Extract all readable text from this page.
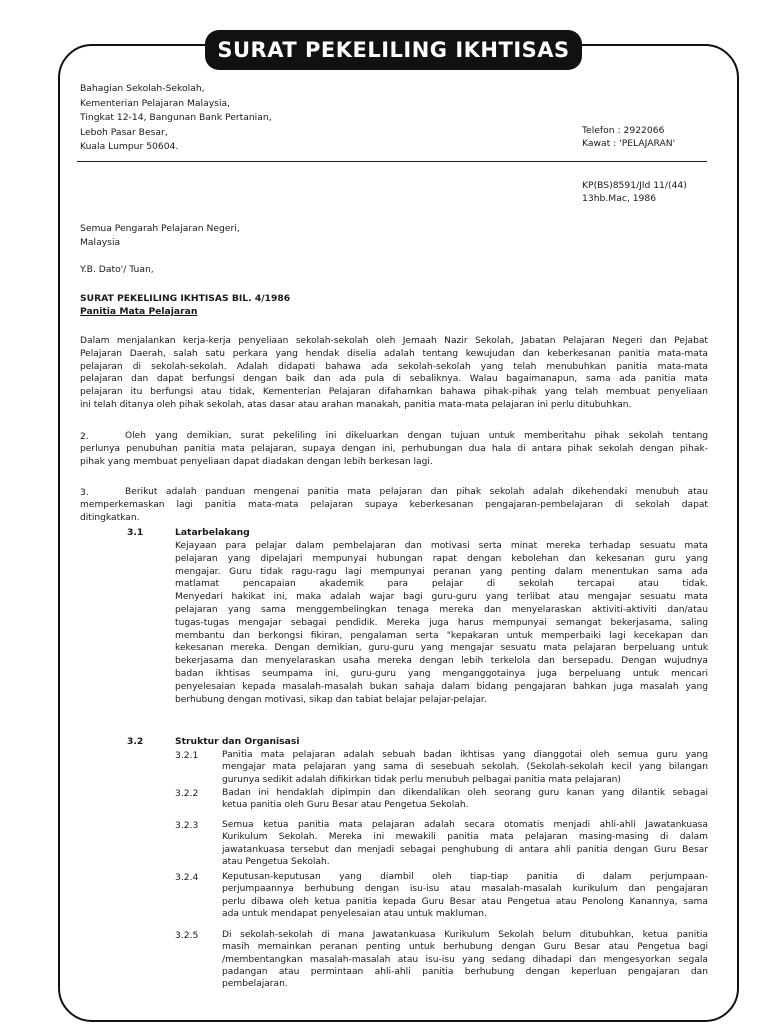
SURAT PEKELILING IKHTISAS
Telefon : 2922066
Kawat : 'PELAJARAN'
KP(BS)8591/Jld 11/(44)
13hb.Mac, 1986
Y.B. Dato'/ Tuan,
SURAT PEKELILING IKHTISAS BIL. 4/1986
Panitia Mata Pelajaran
Dalam menjalankan kerja-kerja penyeliaan sekolah-sekolah oleh Jemaah Nazir Sekolah, Jabatan Pelajaran Negeri dan Pejabat
Pelajaran Daerah, salah satu perkara yang hendak diselia adalah tentang kewujudan dan keberkesanan panitia mata-mata
pelajaran di sekolah-sekolah. Adalah didapati bahawa ada sekolah-sekolah yang telah menubuhkan panitia mata-mata
pelajaran dan dapat berfungsi dengan baik dan ada pula di sebaliknya. Walau bagaimanapun, sama ada panitia mata
pelajaran itu berfungsi atau tidak, Kementerian Pelajaran difahamkan bahawa pihak-pihak yang telah membuat penyeliaan
ini telah ditanya oleh pihak sekolah, atas dasar atau arahan manakah, panitia mata-mata pelajaran ini perlu ditubuhkan.
2.	Oleh yang demikian, surat pekeliling ini dikeluarkan dengan tujuan untuk memberitahu pihak sekolah tentang
perlunya penubuhan panitia mata pelajaran, supaya dengan ini, perhubungan dua hala di antara pihak sekolah dengan pihak-
pihak yang membuat penyeliaan dapat diadakan dengan lebih berkesan lagi.
3.	Berikut adalah panduan mengenai panitia mata pelajaran dan pihak sekolah adalah dikehendaki menubuh atau
memperkemaskan lagi panitia mata-mata pelajaran supaya keberkesanan pengajaran-pembelajaran di sekolah dapat
ditingkatkan.
3.1	Latarbelakang
Kejayaan para pelajar dalam pembelajaran dan motivasi serta minat mereka terhadap sesuatu mata
pelajaran yang dipelajari mempunyai hubungan rapat dengan kebolehan dan kekesanan guru yang
mengajar. Guru tidak ragu-ragu lagi mempunyai peranan yang penting dalam menentukan sama ada
matlamat pencapaian akademik para pelajar di sekolah tercapai atau tidak.
Menyedari hakikat ini, maka adalah wajar bagi guru-guru yang terlibat atau mengajar sesuatu mata
pelajaran yang sama menggembelingkan tenaga mereka dan menyelaraskan aktiviti-aktiviti dan/atau
tugas-tugas mengajar sebagai pendidik. Mereka juga harus mempunyai semangat bekerjasama, saling
membantu dan berkongsi fikiran, pengalaman serta "kepakaran untuk memperbaiki lagi kecekapan dan
kekesanan mereka. Dengan demikian, guru-guru yang mengajar sesuatu mata pelajaran berpeluang untuk
bekerjasama dan menyelaraskan usaha mereka dengan lebih terkelola dan bersepadu. Dengan wujudnya
badan ikhtisas seumpama ini, guru-guru yang menganggotainya juga berpeluang untuk mencari
penyelesaian kepada masalah-masalah bukan sahaja dalam bidang pengajaran bahkan juga masalah yang
berhubung dengan motivasi, sikap dan tabiat belajar pelajar-pelajar.
3.2	Struktur dan Organisasi
Bahagian Sekolah-Sekolah,
Kementerian Pelajaran Malaysia,
Tingkat 12-14, Bangunan Bank Pertanian,
Leboh Pasar Besar,
Kuala Lumpur 50604.
Semua Pengarah Pelajaran Negeri,
Malaysia
3.2.1	Panitia mata pelajaran adalah sebuah badan ikhtisas yang dianggotai oleh semua guru yang
mengajar mata pelajaran yang sama di sesebuah sekolah. (Sekolah-sekolah kecil yang bilangan
gurunya sedikit adalah difikirkan tidak perlu menubuh pelbagai panitia mata pelajaran)
3.2.2	Badan ini hendaklah dipimpin dan dikendalikan oleh seorang guru kanan yang dilantik sebagai
ketua panitia oleh Guru Besar atau Pengetua Sekolah.
3.2.3	Semua ketua panitia mata pelajaran adalah secara otomatis menjadi ahli-ahli Jawatankuasa
Kurikulum Sekolah. Mereka ini mewakili panitia mata pelajaran masing-masing di dalam
jawatankuasa tersebut dan menjadi sebagai penghubung di antara ahli panitia dengan Guru Besar
atau Pengetua Sekolah.
3.2.4	Keputusan-keputusan yang diambil oleh tiap-tiap panitia di dalam perjumpaan-
perjumpaannya berhubung dengan isu-isu atau masalah-masalah kurikulum dan pengajaran
perlu dibawa oleh ketua panitia kepada Guru Besar atau Pengetua atau Penolong Kanannya, sama
ada untuk mendapat penyelesaian atau untuk makluman.
3.2.5	Di sekolah-sekolah di mana Jawatankuasa Kurikulum Sekolah belum ditubuhkan, ketua panitia
masih memainkan peranan penting untuk berhubung dengan Guru Besar atau Pengetua bagi
/membentangkan masalah-masalah atau isu-isu yang sedang dihadapi dan mengesyorkan segala
padangan atau permintaan ahli-ahli panitia berhubung dengan keperluan pengajaran dan
pembelajaran.
